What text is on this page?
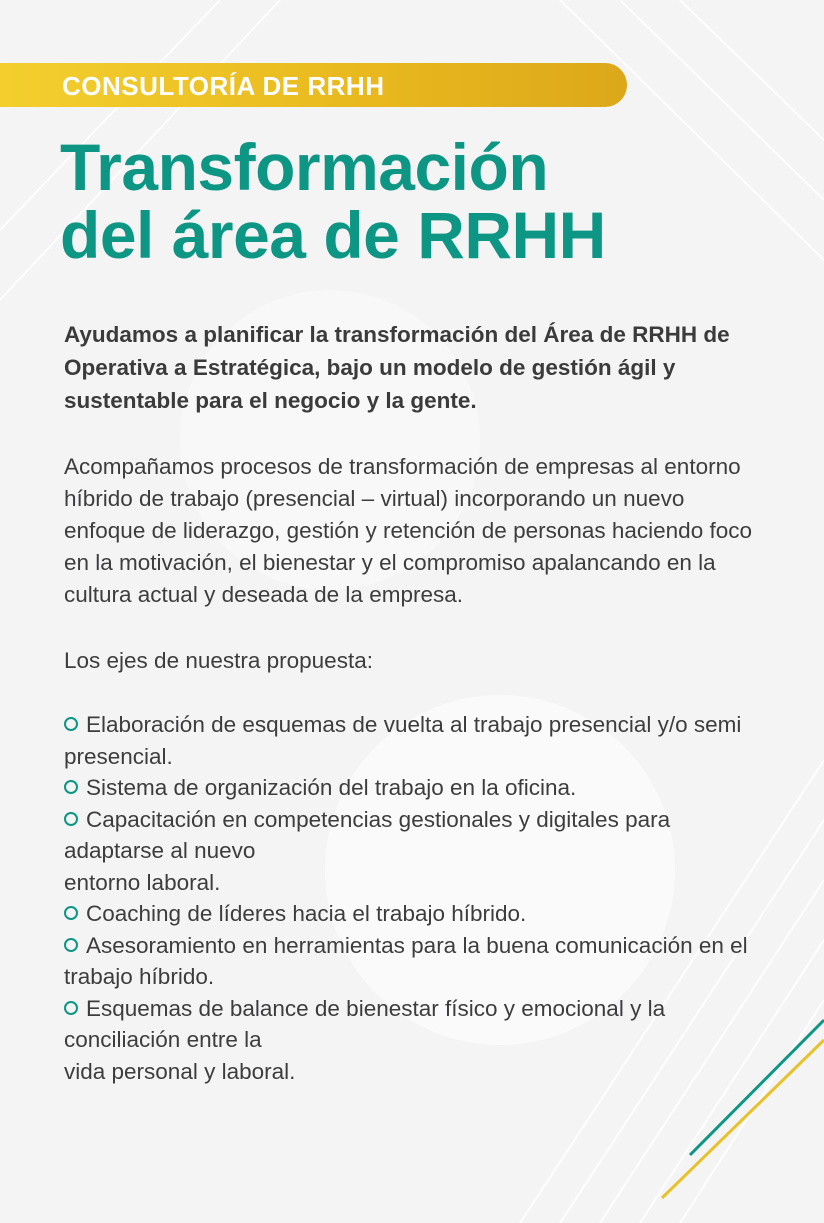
CONSULTORÍA DE RRHH
Transformación
del área de RRHH

Ayudamos a planificar la transformación del Área de RRHH de Operativa a Estratégica, bajo un modelo de gestión ágil y sustentable para el negocio y la gente.

Acompañamos procesos de transformación de empresas al entorno híbrido de trabajo (presencial – virtual) incorporando un nuevo enfoque de liderazgo, gestión y retención de personas haciendo foco en la motivación, el bienestar y el compromiso apalancando en la cultura actual y deseada de la empresa.

Los ejes de nuestra propuesta:

Elaboración de esquemas de vuelta al trabajo presencial y/o semi presencial.
Sistema de organización del trabajo en la oficina.
Capacitación en competencias gestionales y digitales para adaptarse al nuevo
entorno laboral.
Coaching de líderes hacia el trabajo híbrido.
Asesoramiento en herramientas para la buena comunicación en el trabajo híbrido.
Esquemas de balance de bienestar físico y emocional y la conciliación entre la
vida personal y laboral.
